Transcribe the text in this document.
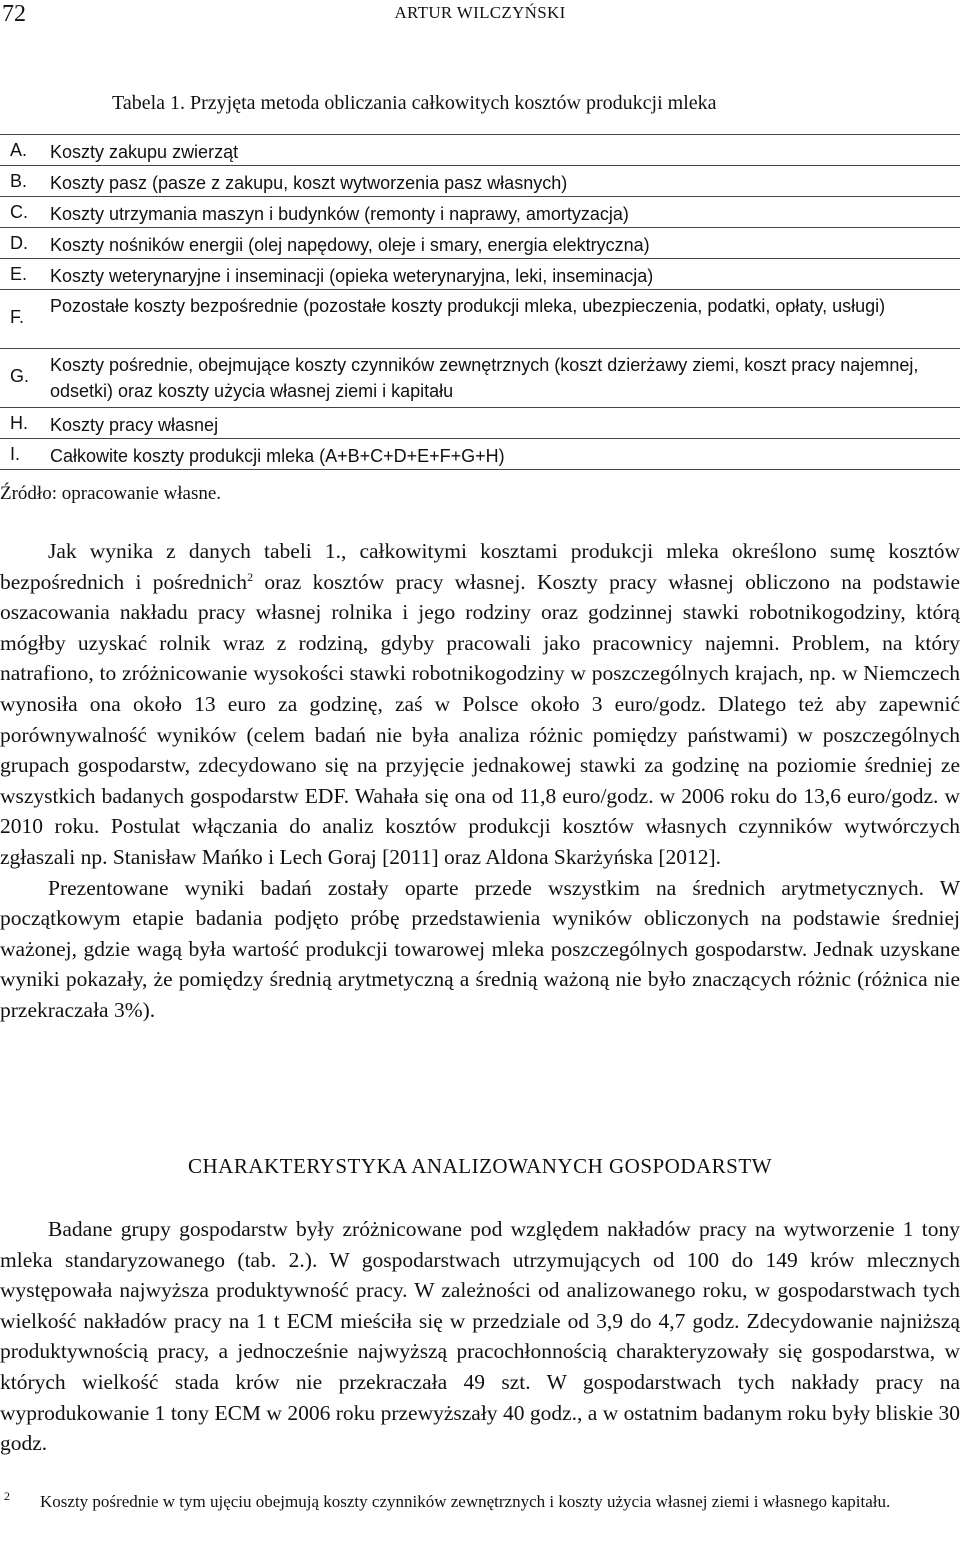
72	ARTUR WILCZYŃSKI
Tabela 1. Przyjęta metoda obliczania całkowitych kosztów produkcji mleka
A. Koszty zakupu zwierząt
B. Koszty pasz (pasze z zakupu, koszt wytworzenia pasz własnych)
C. Koszty utrzymania maszyn i budynków (remonty i naprawy, amortyzacja)
D. Koszty nośników energii (olej napędowy, oleje i smary, energia elektryczna)
E. Koszty weterynaryjne i inseminacji (opieka weterynaryjna, leki, inseminacja)
F.
Pozostałe koszty bezpośrednie (pozostałe koszty produkcji mleka, ubezpieczenia, podatki, opłaty, usługi)
G.
Koszty pośrednie, obejmujące koszty czynników zewnętrznych (koszt dzierżawy ziemi, koszt pracy najemnej, odsetki) oraz koszty użycia własnej ziemi i kapitału
H. Koszty pracy własnej
I. Całkowite koszty produkcji mleka (A+B+C+D+E+F+G+H)
Źródło: opracowanie własne.

Jak wynika z danych tabeli 1., całkowitymi kosztami produkcji mleka określono sumę kosztów bezpośrednich i pośrednich$^2$ oraz kosztów pracy własnej. Koszty pracy własnej obliczono na podstawie oszacowania nakładu pracy własnej rolnika i jego rodziny oraz godzinnej stawki robotnikogodziny, którą mógłby uzyskać rolnik wraz z rodziną, gdyby pracowali jako pracownicy najemni. Problem, na który natrafiono, to zróżnicowanie wysokości stawki robotnikogodziny w poszczególnych krajach, np. w Niemczech wynosiła ona około 13 euro za godzinę, zaś w Polsce około 3 euro/godz. Dlatego też aby zapewnić porównywalność wyników (celem badań nie była analiza różnic pomiędzy państwami) w poszczególnych grupach gospodarstw, zdecydowano się na przyjęcie jednakowej stawki za godzinę na poziomie średniej ze wszystkich badanych gospodarstw EDF. Wahała się ona od 11,8 euro/godz. w 2006 roku do 13,6 euro/godz. w 2010 roku. Postulat włączania do analiz kosztów produkcji kosztów własnych czynników wytwórczych zgłaszali np. Stanisław Mańko i Lech Goraj [2011] oraz Aldona Skarżyńska [2012].

Prezentowane wyniki badań zostały oparte przede wszystkim na średnich arytmetycznych. W początkowym etapie badania podjęto próbę przedstawienia wyników obliczonych na podstawie średniej ważonej, gdzie wagą była wartość produkcji towarowej mleka poszczególnych gospodarstw. Jednak uzyskane wyniki pokazały, że pomiędzy średnią arytmetyczną a średnią ważoną nie było znaczących różnic (różnica nie przekraczała 3%).

CHARAKTERYSTYKA ANALIZOWANYCH GOSPODARSTW

Badane grupy gospodarstw były zróżnicowane pod względem nakładów pracy na wytworzenie 1 tony mleka standaryzowanego (tab. 2.). W gospodarstwach utrzymujących od 100 do 149 krów mlecznych występowała najwyższa produktywność pracy. W zależności od analizowanego roku, w gospodarstwach tych wielkość nakładów pracy na 1 t ECM mieściła się w przedziale od 3,9 do 4,7 godz. Zdecydowanie najniższą produktywnością pracy, a jednocześnie najwyższą pracochłonnością charakteryzowały się gospodarstwa, w których wielkość stada krów nie przekraczała 49 szt. W gospodarstwach tych nakłady pracy na wyprodukowanie 1 tony ECM w 2006 roku przewyższały 40 godz., a w ostatnim badanym roku były bliskie 30 godz.

2 Koszty pośrednie w tym ujęciu obejmują koszty czynników zewnętrznych i koszty użycia własnej ziemi i własnego kapitału.
